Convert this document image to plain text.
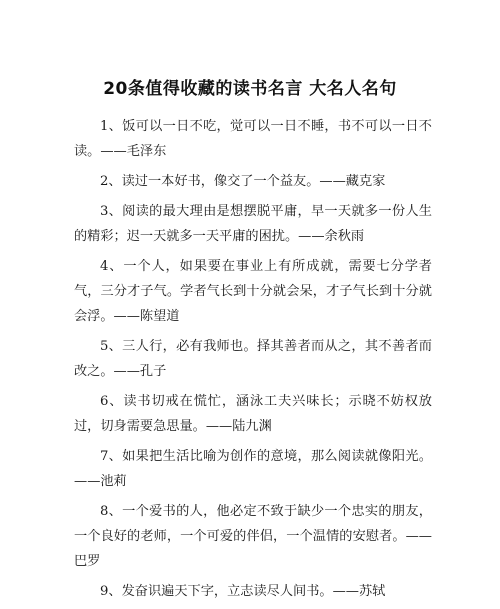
20条值得收藏的读书名言 大名人名句

1、饭可以一日不吃，觉可以一日不睡，书不可以一日不读。——毛泽东

2、读过一本好书，像交了一个益友。——藏克家

3、阅读的最大理由是想摆脱平庸，早一天就多一份人生的精彩；迟一天就多一天平庸的困扰。——余秋雨

4、一个人，如果要在事业上有所成就，需要七分学者气，三分才子气。学者气长到十分就会呆，才子气长到十分就会浮。——陈望道

5、三人行，必有我师也。择其善者而从之，其不善者而改之。——孔子

6、读书切戒在慌忙，涵泳工夫兴味长；示晓不妨权放过，切身需要急思量。——陆九渊

7、如果把生活比喻为创作的意境，那么阅读就像阳光。——池莉

8、一个爱书的人，他必定不致于缺少一个忠实的朋友，一个良好的老师，一个可爱的伴侣，一个温情的安慰者。——巴罗

9、发奋识遍天下字，立志读尽人间书。——苏轼
